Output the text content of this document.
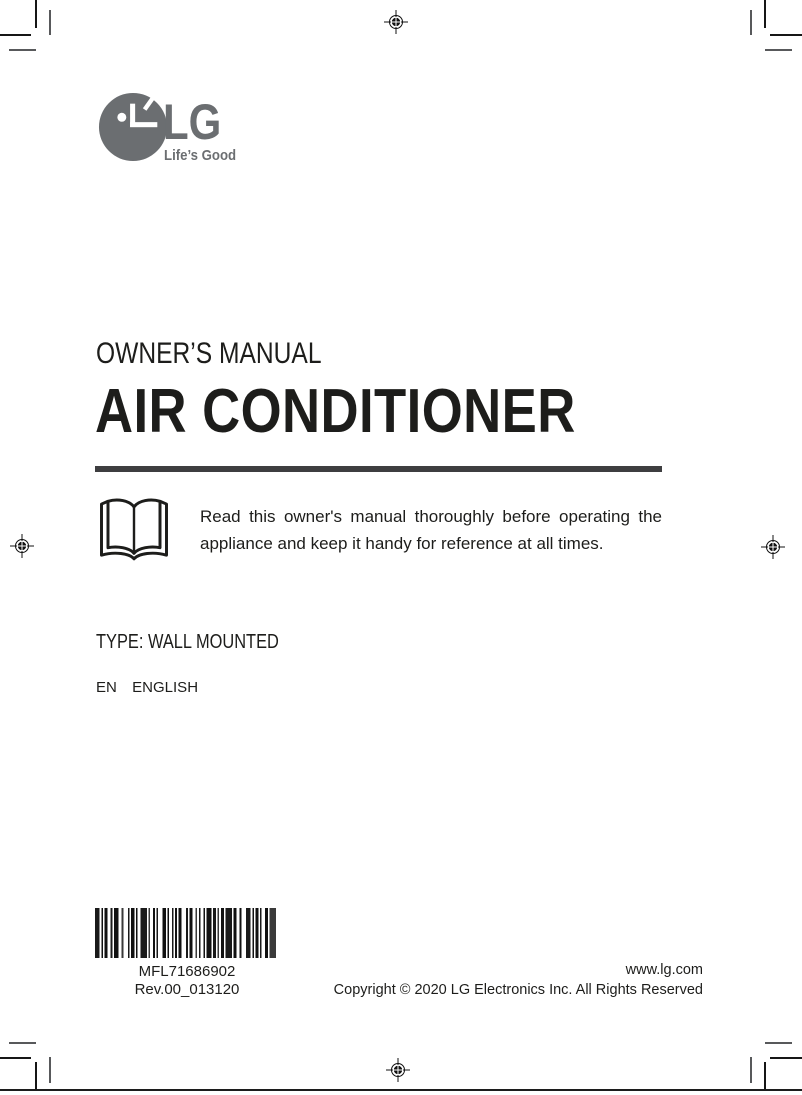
LG
Life’s Good
OWNER’S MANUAL
AIR CONDITIONER
Read this owner's manual thoroughly before operating the
appliance and keep it handy for reference at all times.
TYPE: WALL MOUNTED
EN ENGLISH
MFL71686902
Rev.00_013120
www.lg.com
Copyright © 2020 LG Electronics Inc. All Rights Reserved
